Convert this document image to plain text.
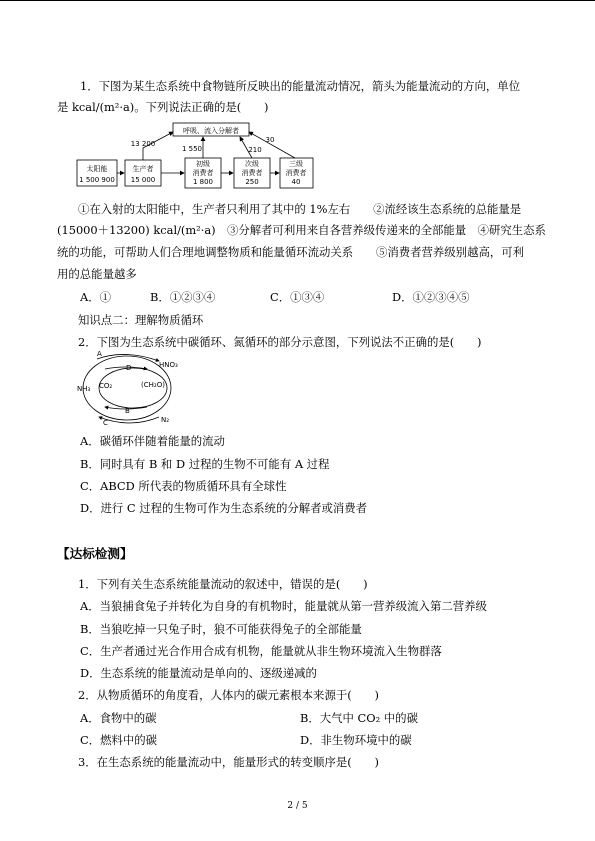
1．下图为某生态系统中食物链所反映出的能量流动情况，箭头为能量流动的方向，单位
是 kcal/(m²·a)。下列说法正确的是(　　)
呼吸、流入分解者
太阳能
1 500 900
生产者
15 000
初级
消费者
1 800
次级
消费者
250
三级
消费者
40
13 200
1 550	210
30
①在入射的太阳能中，生产者只利用了其中的 1%左右　　②流经该生态系统的总能量是
(15000＋13200) kcal/(m²·a)　③分解者可利用来自各营养级传递来的全部能量　④研究生态系
统的功能，可帮助人们合理地调整物质和能量循环流动关系　　⑤消费者营养级别越高，可利
用的总能量越多
A．①	B．①②③④	C．①③④	D．①②③④⑤
知识点二：理解物质循环
2．下图为生态系统中碳循环、氮循环的部分示意图，下列说法不正确的是(　　)
A
B
C
D	HNO₃
NH₃ CO₂	(CH₂O)
N₂
A．碳循环伴随着能量的流动
B．同时具有 B 和 D 过程的生物不可能有 A 过程
C．ABCD 所代表的物质循环具有全球性
D．进行 C 过程的生物可作为生态系统的分解者或消费者
【达标检测】
1．下列有关生态系统能量流动的叙述中，错误的是(　　)
A．当狼捕食兔子并转化为自身的有机物时，能量就从第一营养级流入第二营养级
B．当狼吃掉一只兔子时，狼不可能获得兔子的全部能量
C．生产者通过光合作用合成有机物，能量就从非生物环境流入生物群落
D．生态系统的能量流动是单向的、逐级递减的
2．从物质循环的角度看，人体内的碳元素根本来源于(　　)
A．食物中的碳	B．大气中 CO₂ 中的碳
C．燃料中的碳	D．非生物环境中的碳
3．在生态系统的能量流动中，能量形式的转变顺序是(　　)
2 / 5
